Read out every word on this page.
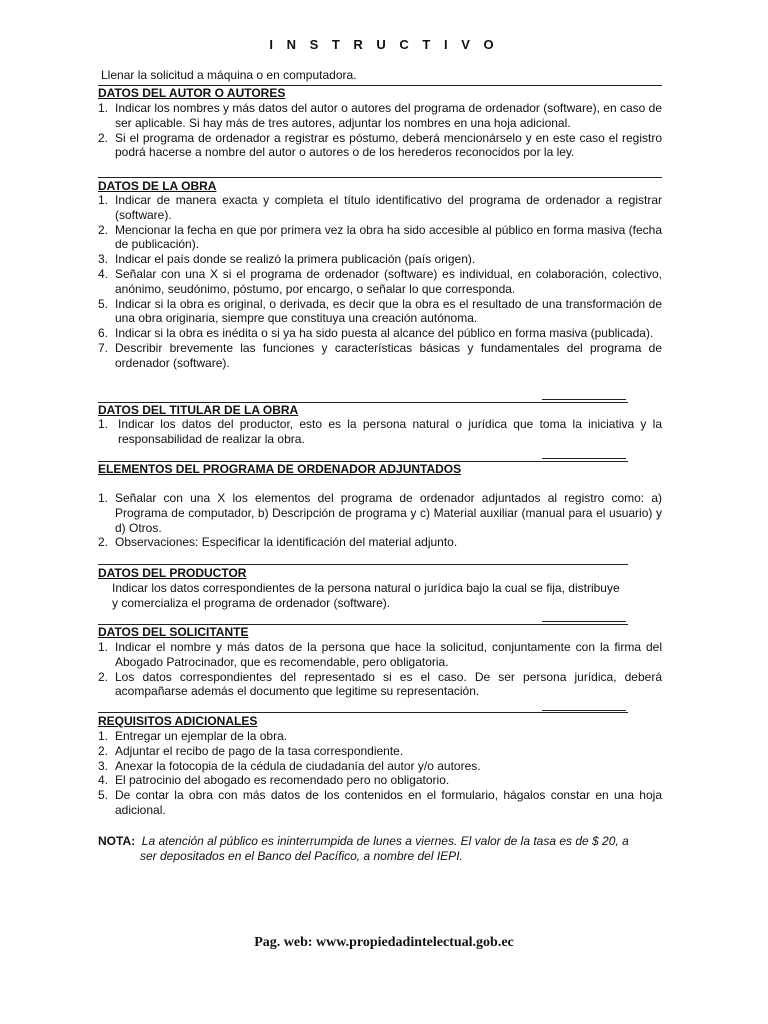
I N S T R U C T I V O
Llenar la solicitud a máquina o en computadora.
DATOS DEL AUTOR O AUTORES
1. Indicar los nombres y más datos del autor o autores del programa de ordenador (software), en caso de ser aplicable. Si hay más de tres autores, adjuntar los nombres en una hoja adicional.
2. Si el programa de ordenador a registrar es póstumo, deberá mencionárselo y en este caso el registro podrá hacerse a nombre del autor o autores o de los herederos reconocidos por la ley.
DATOS DE LA OBRA
1. Indicar de manera exacta y completa el título identificativo del programa de ordenador a registrar (software).
2. Mencionar la fecha en que por primera vez la obra ha sido accesible al público en forma masiva (fecha de publicación).
3. Indicar el país donde se realizó la primera publicación (país origen).
4. Señalar con una X si el programa de ordenador (software) es individual, en colaboración, colectivo, anónimo, seudónimo, póstumo, por encargo, o señalar lo que corresponda.
5. Indicar si la obra es original, o derivada, es decir que la obra es el resultado de una transformación de una obra originaria, siempre que constituya una creación autónoma.
6. Indicar si la obra es inédita o si ya ha sido puesta al alcance del público en forma masiva (publicada).
7. Describir brevemente las funciones y características básicas y fundamentales del programa de ordenador (software).
DATOS DEL TITULAR DE LA OBRA
1. Indicar los datos del productor, esto es la persona natural o jurídica que toma la iniciativa y la responsabilidad de realizar la obra.
ELEMENTOS DEL PROGRAMA DE ORDENADOR ADJUNTADOS
1. Señalar con una X los elementos del programa de ordenador adjuntados al registro como: a) Programa de computador, b) Descripción de programa y c) Material auxiliar (manual para el usuario) y d) Otros.
2. Observaciones: Especificar la identificación del material adjunto.
DATOS DEL PRODUCTOR
Indicar los datos correspondientes de la persona natural o jurídica bajo la cual se fija, distribuye
y comercializa el programa de ordenador (software).
DATOS DEL SOLICITANTE
1. Indicar el nombre y más datos de la persona que hace la solicitud, conjuntamente con la firma del Abogado Patrocinador, que es recomendable, pero obligatoria.
2. Los datos correspondientes del representado si es el caso. De ser persona jurídica, deberá acompañarse además el documento que legitime su representación.
REQUISITOS ADICIONALES
1. Entregar un ejemplar de la obra.
2. Adjuntar el recibo de pago de la tasa correspondiente.
3. Anexar la fotocopia de la cédula de ciudadanía del autor y/o autores.
4. El patrocinio del abogado es recomendado pero no obligatorio.
5. De contar la obra con más datos de los contenidos en el formulario, hágalos constar en una hoja adicional.
NOTA: La atención al público es ininterrumpida de lunes a viernes. El valor de la tasa es de $ 20, a
ser depositados en el Banco del Pacífico, a nombre del IEPI.
Pag. web: www.propiedadintelectual.gob.ec
